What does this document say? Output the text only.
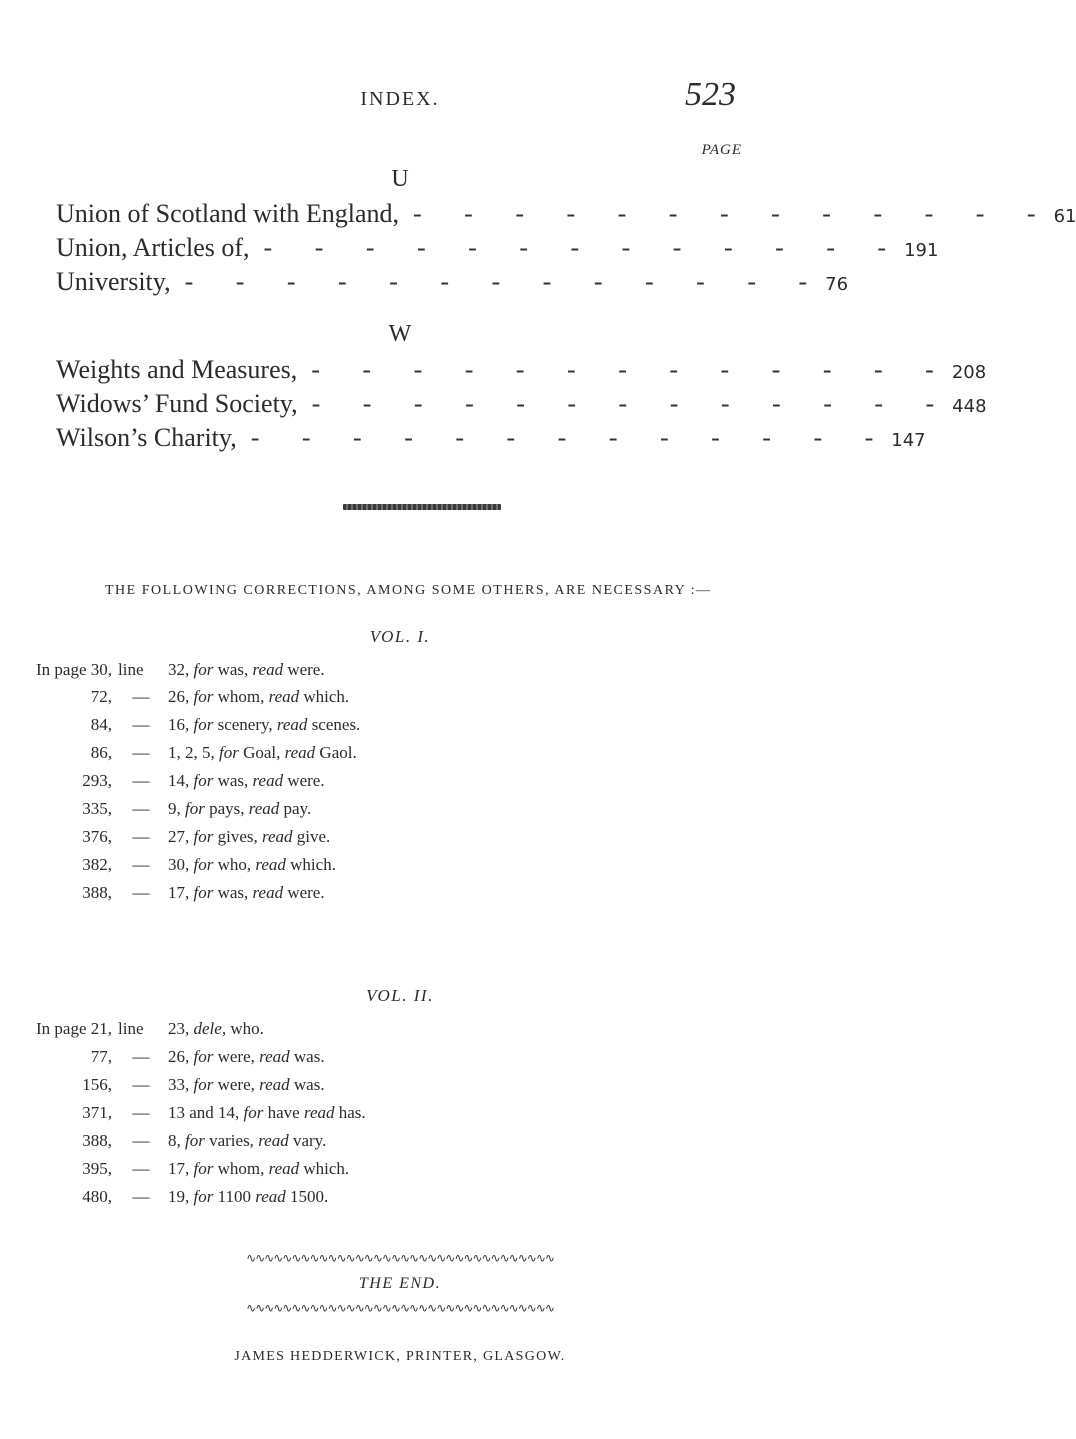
INDEX.	523
PAGE
U
Union of Scotland with England, - - - - - - - - - - - - - 61
Union, Articles of, - - - - - - - - - - - - - 191
University, - - - - - - - - - - - - - 76
W
Weights and Measures, - - - - - - - - - - - - - 208
Widows’ Fund Society, - - - - - - - - - - - - - 448
Wilson’s Charity, - - - - - - - - - - - - - 147
THE FOLLOWING CORRECTIONS, AMONG SOME OTHERS, ARE NECESSARY :—
VOL. I.
In page 30, line	32, for was, read were.
72,	—	26, for whom, read which.
84,	—	16, for scenery, read scenes.
86,	—	1, 2, 5, for Goal, read Gaol.
293,	—	14, for was, read were.
335,	—	9, for pays, read pay.
376,	—	27, for gives, read give.
382,	—	30, for who, read which.
388,	—	17, for was, read were.
VOL. II.
In page 21, line	23, dele, who.
77,	—	26, for were, read was.
156,	—	33, for were, read was.
371,	—	13 and 14, for have read has.
388,	—	8, for varies, read vary.
395,	—	17, for whom, read which.
480,	—	19, for 1100 read 1500.
∿∿∿∿∿∿∿∿∿∿∿∿∿∿∿∿∿∿∿∿∿∿∿∿∿∿∿∿∿∿∿∿∿∿
THE END.
∿∿∿∿∿∿∿∿∿∿∿∿∿∿∿∿∿∿∿∿∿∿∿∿∿∿∿∿∿∿∿∿∿∿
JAMES HEDDERWICK, PRINTER, GLASGOW.
